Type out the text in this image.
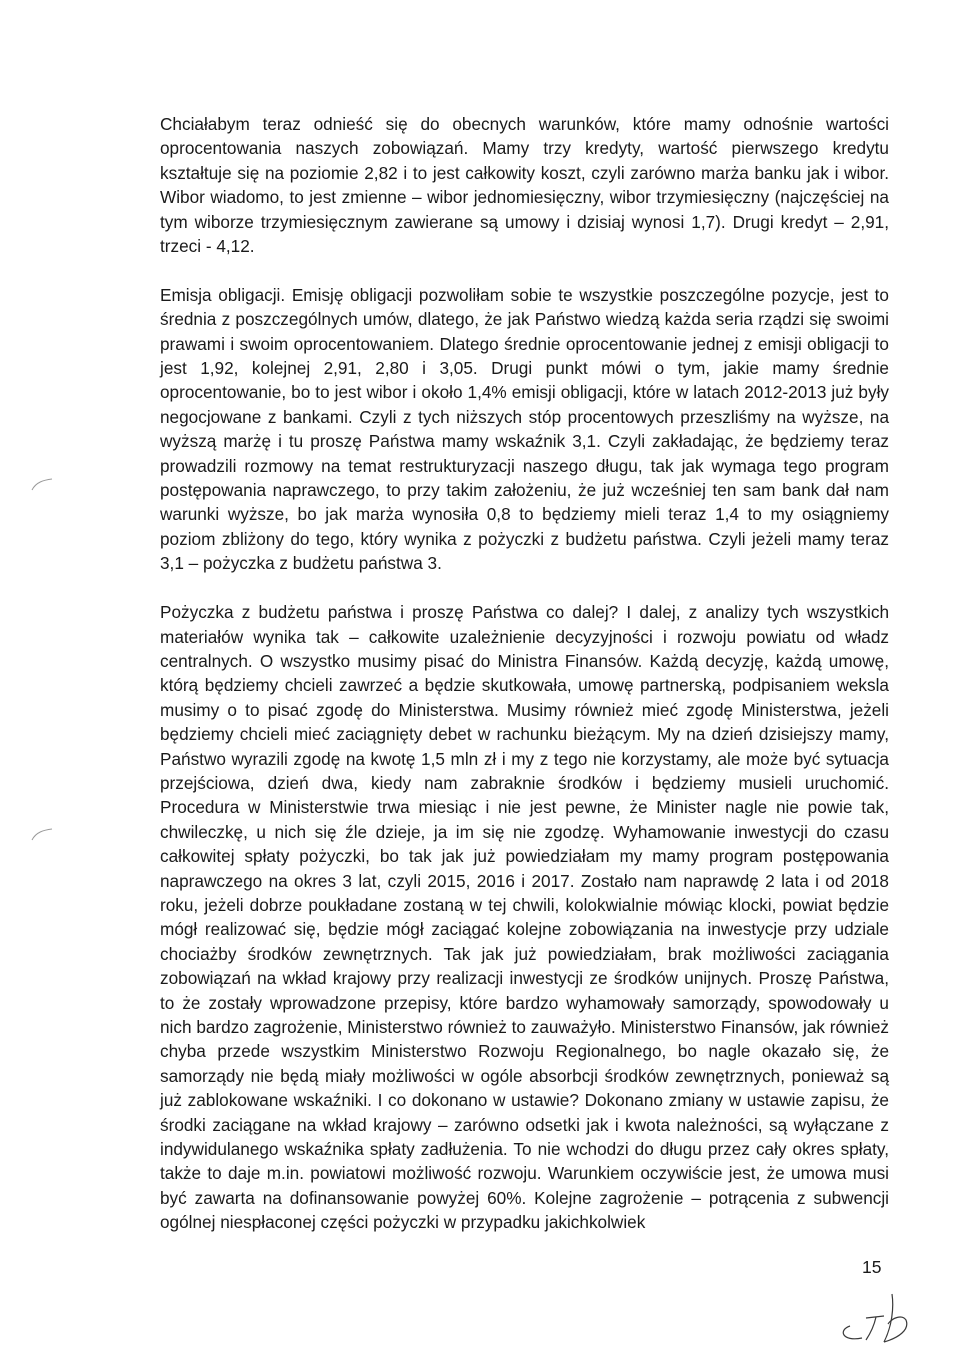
Chciałabym teraz odnieść się do obecnych warunków, które mamy odnośnie wartości oprocentowania naszych zobowiązań. Mamy trzy kredyty, wartość pierwszego kredytu kształtuje się na poziomie 2,82 i to jest całkowity koszt, czyli zarówno marża banku jak i wibor. Wibor wiadomo, to jest zmienne – wibor jednomiesięczny, wibor trzymiesięczny (najczęściej na tym wiborze trzymiesięcznym zawierane są umowy i dzisiaj wynosi 1,7). Drugi kredyt – 2,91, trzeci - 4,12.

Emisja obligacji. Emisję obligacji pozwoliłam sobie te wszystkie poszczególne pozycje, jest to średnia z poszczególnych umów, dlatego, że jak Państwo wiedzą każda seria rządzi się swoimi prawami i swoim oprocentowaniem. Dlatego średnie oprocentowanie jednej z emisji obligacji to jest 1,92, kolejnej 2,91, 2,80 i 3,05. Drugi punkt mówi o tym, jakie mamy średnie oprocentowanie, bo to jest wibor i około 1,4% emisji obligacji, które w latach 2012-2013 już były negocjowane z bankami. Czyli z tych niższych stóp procentowych przeszliśmy na wyższe, na wyższą marżę i tu proszę Państwa mamy wskaźnik 3,1. Czyli zakładając, że będziemy teraz prowadzili rozmowy na temat restrukturyzacji naszego długu, tak jak wymaga tego program postępowania naprawczego, to przy takim założeniu, że już wcześniej ten sam bank dał nam warunki wyższe, bo jak marża wynosiła 0,8 to będziemy mieli teraz 1,4 to my osiągniemy poziom zbliżony do tego, który wynika z pożyczki z budżetu państwa. Czyli jeżeli mamy teraz 3,1 – pożyczka z budżetu państwa 3.

Pożyczka z budżetu państwa i proszę Państwa co dalej? I dalej, z analizy tych wszystkich materiałów wynika tak – całkowite uzależnienie decyzyjności i rozwoju powiatu od władz centralnych. O wszystko musimy pisać do Ministra Finansów. Każdą decyzję, każdą umowę, którą będziemy chcieli zawrzeć a będzie skutkowała, umowę partnerską, podpisaniem weksla musimy o to pisać zgodę do Ministerstwa. Musimy również mieć zgodę Ministerstwa, jeżeli będziemy chcieli mieć zaciągnięty debet w rachunku bieżącym. My na dzień dzisiejszy mamy, Państwo wyrazili zgodę na kwotę 1,5 mln zł i my z tego nie korzystamy, ale może być sytuacja przejściowa, dzień dwa, kiedy nam zabraknie środków i będziemy musieli uruchomić. Procedura w Ministerstwie trwa miesiąc i nie jest pewne, że Minister nagle nie powie tak, chwileczkę, u nich się źle dzieje, ja im się nie zgodzę. Wyhamowanie inwestycji do czasu całkowitej spłaty pożyczki, bo tak jak już powiedziałam my mamy program postępowania naprawczego na okres 3 lat, czyli 2015, 2016 i 2017. Zostało nam naprawdę 2 lata i od 2018 roku, jeżeli dobrze poukładane zostaną w tej chwili, kolokwialnie mówiąc klocki, powiat będzie mógł realizować się, będzie mógł zaciągać kolejne zobowiązania na inwestycje przy udziale chociażby środków zewnętrznych. Tak jak już powiedziałam, brak możliwości zaciągania zobowiązań na wkład krajowy przy realizacji inwestycji ze środków unijnych. Proszę Państwa, to że zostały wprowadzone przepisy, które bardzo wyhamowały samorządy, spowodowały u nich bardzo zagrożenie, Ministerstwo również to zauważyło. Ministerstwo Finansów, jak również chyba przede wszystkim Ministerstwo Rozwoju Regionalnego, bo nagle okazało się, że samorządy nie będą miały możliwości w ogóle absorbcji środków zewnętrznych, ponieważ są już zablokowane wskaźniki. I co dokonano w ustawie? Dokonano zmiany w ustawie zapisu, że środki zaciągane na wkład krajowy – zarówno odsetki jak i kwota należności, są wyłączane z indywidulanego wskaźnika spłaty zadłużenia. To nie wchodzi do długu przez cały okres spłaty, także to daje m.in. powiatowi możliwość rozwoju. Warunkiem oczywiście jest, że umowa musi być zawarta na dofinansowanie powyżej 60%. Kolejne zagrożenie – potrącenia z subwencji ogólnej niespłaconej części pożyczki w przypadku jakichkolwiek

15
